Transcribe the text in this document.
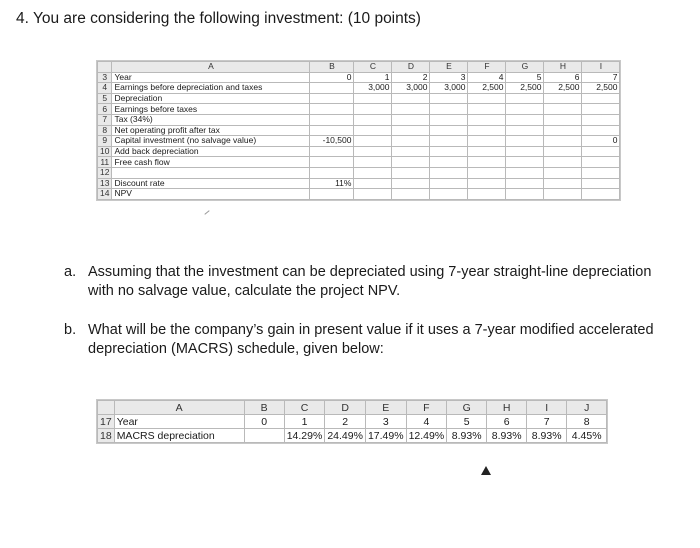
4. You are considering the following investment: (10 points)
	A	B	C	D	E	F	G	H	I
3	Year	0	1	2	3	4	5	6	7
4	Earnings before depreciation and taxes		3,000	3,000	3,000	2,500	2,500	2,500	2,500
5	Depreciation								
6	Earnings before taxes								
7	Tax (34%)								
8	Net operating profit after tax								
9	Capital investment (no salvage value)	-10,500							0
10	Add back depreciation								
11	Free cash flow								
12									
13	Discount rate	11%							
14	NPV								
a. Assuming that the investment can be depreciated using 7-year straight-line depreciation
with no salvage value, calculate the project NPV.
b. What will be the company’s gain in present value if it uses a 7-year modified accelerated
depreciation (MACRS) schedule, given below:
	A	B	C	D	E	F	G	H	I	J
17	Year	0	1	2	3	4	5	6	7	8
18	MACRS depreciation		14.29%	24.49%	17.49%	12.49%	8.93%	8.93%	8.93%	4.45%
